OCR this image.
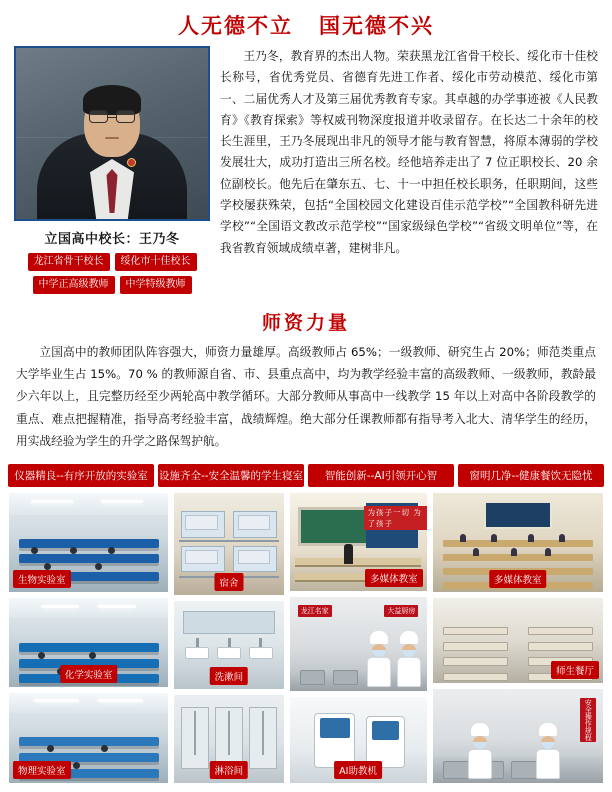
人无德不立 国无德不兴
立国高中校长：王乃冬
龙江省骨干校长	绥化市十佳校长
中学正高级教师	中学特级教师

王乃冬，教育界的杰出人物。荣获黑龙江省骨干校长、绥化市十佳校长称号，省优秀党员、省德育先进工作者、绥化市劳动模范、绥化市第一、二届优秀人才及第三届优秀教育专家。其卓越的办学事迹被《人民教育》《教育探索》等权威刊物深度报道并收录留存。在长达二十余年的校长生涯里，王乃冬展现出非凡的领导才能与教育智慧，将原本薄弱的学校发展壮大，成功打造出三所名校。经他培养走出了 7 位正职校长、20 余位副校长。他先后在肇东五、七、十一中担任校长职务，任职期间，这些学校屡获殊荣，包括“全国校园文化建设百佳示范学校”“全国教科研先进学校”“全国语文教改示范学校”“国家级绿色学校”“省级文明单位”等，在我省教育领域成绩卓著，建树非凡。

师资力量

立国高中的教师团队阵容强大，师资力量雄厚。高级教师占 65%；一级教师、研究生占 20%；师范类重点大学毕业生占 15%。70 % 的教师源自省、市、县重点高中，均为教学经验丰富的高级教师、一级教师，教龄最少六年以上，且完整历经至少两轮高中教学循环。大部分教师从事高中一线教学 15 年以上对高中各阶段教学的重点、难点把握精准，指导高考经验丰富，战绩辉煌。绝大部分任课教师都有指导考入北大、清华学生的经历，用实战经验为学生的升学之路保驾护航。

仪器精良--有序开放的实验室	设施齐全--安全温馨的学生寝室	智能创新--AI引领开心智	窗明几净--健康餐饮无隐忧
生物实验室
化学实验室
物理实验室
宿舍
洗漱间
淋浴间
为孩子一切 为了孩子
多媒体教室
龙江名家	大益厨房
AI助教机
多媒体教室
师生餐厅
安全操作规程
